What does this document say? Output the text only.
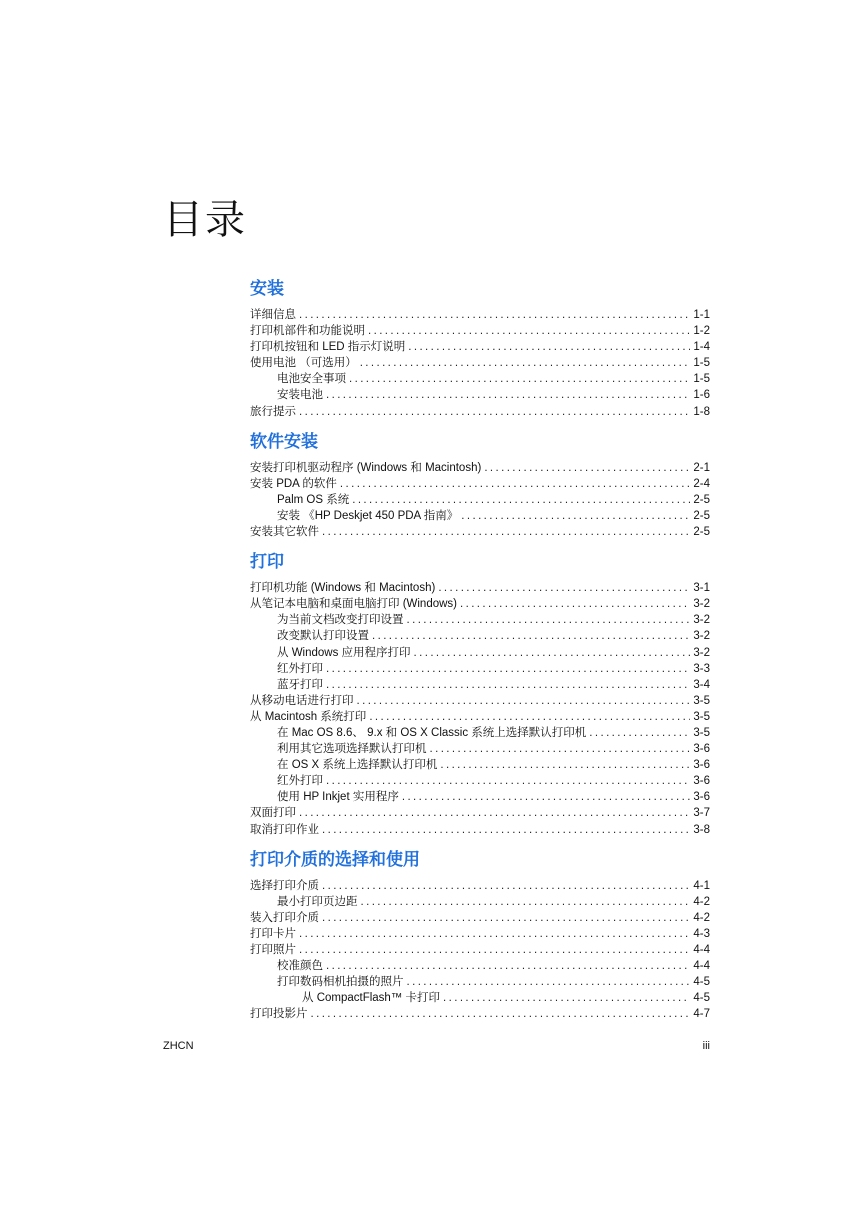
目录
安装
详细信息 .....	1-1
打印机部件和功能说明 .....	1-2
打印机按钮和 LED 指示灯说明 .....	1-4
使用电池 （可选用） .....	1-5
电池安全事项 .....	1-5
安装电池 .....	1-6
旅行提示 .....	1-8
软件安装
安装打印机驱动程序 (Windows 和 Macintosh) .....	2-1
安装 PDA 的软件 .....	2-4
Palm OS 系统 .....	2-5
安装 《HP Deskjet 450 PDA 指南》 .....	2-5
安装其它软件 .....	2-5
打印
打印机功能 (Windows 和 Macintosh) .....	3-1
从笔记本电脑和桌面电脑打印 (Windows) .....	3-2
为当前文档改变打印设置 .....	3-2
改变默认打印设置 .....	3-2
从 Windows 应用程序打印 .....	3-2
红外打印 .....	3-3
蓝牙打印 .....	3-4
从移动电话进行打印 .....	3-5
从 Macintosh 系统打印 .....	3-5
在 Mac OS 8.6、 9.x 和 OS X Classic 系统上选择默认打印机 .....	3-5
利用其它选项选择默认打印机 .....	3-6
在 OS X 系统上选择默认打印机 .....	3-6
红外打印 .....	3-6
使用 HP Inkjet 实用程序 .....	3-6
双面打印 .....	3-7
取消打印作业 .....	3-8
打印介质的选择和使用
选择打印介质 .....	4-1
最小打印页边距 .....	4-2
装入打印介质 .....	4-2
打印卡片 .....	4-3
打印照片 .....	4-4
校准颜色 .....	4-4
打印数码相机拍摄的照片 .....	4-5
从 CompactFlash™ 卡打印 .....	4-5
打印投影片 .....	4-7
ZHCN	iii
